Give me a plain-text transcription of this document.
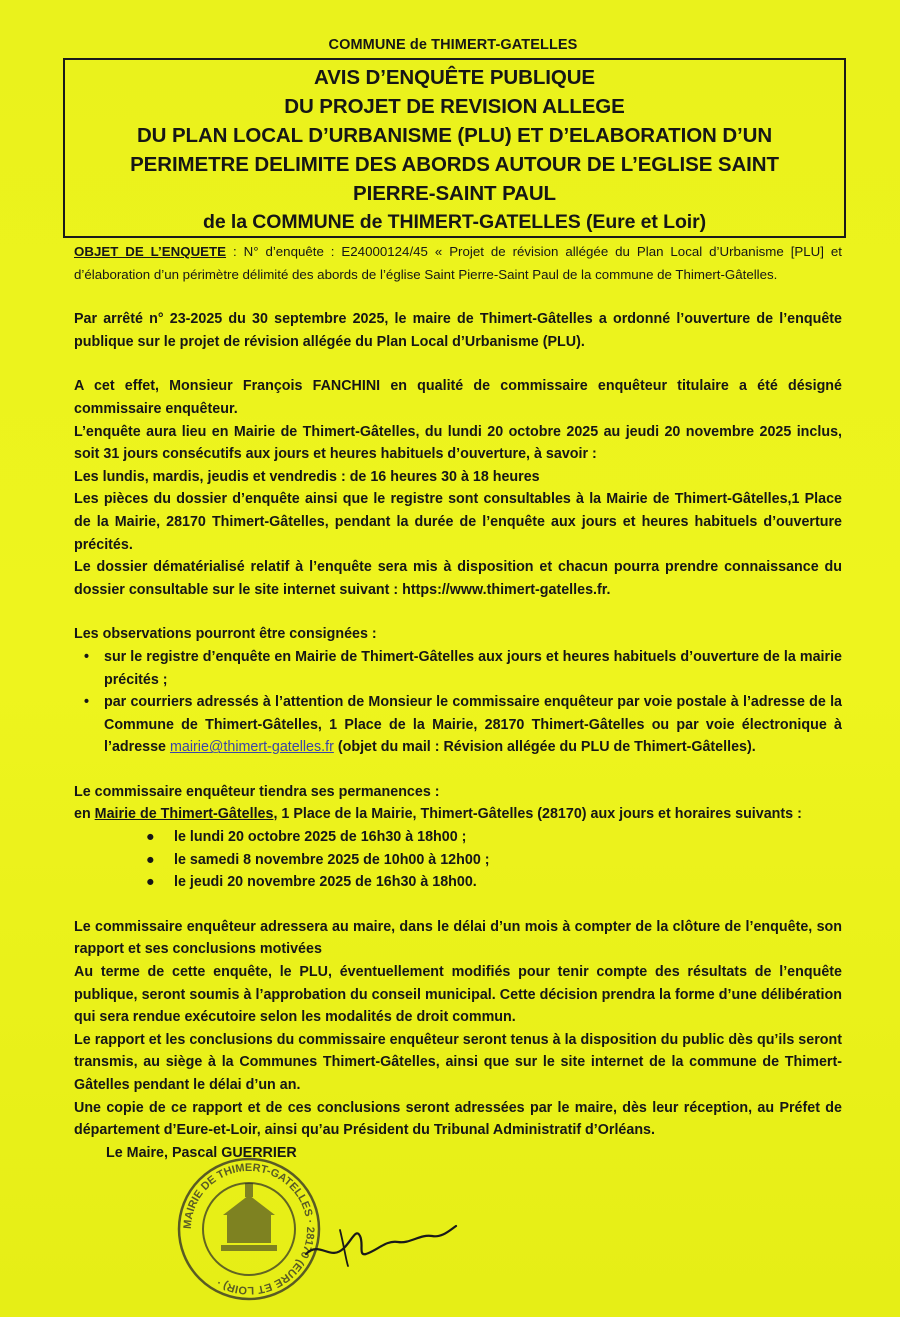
COMMUNE de THIMERT-GATELLES

AVIS D’ENQUÊTE PUBLIQUE

DU PROJET DE REVISION ALLEGE

DU PLAN LOCAL D’URBANISME (PLU) ET D’ELABORATION D’UN

PERIMETRE DELIMITE DES ABORDS AUTOUR DE L’EGLISE SAINT

PIERRE-SAINT PAUL

de la COMMUNE de THIMERT-GATELLES (Eure et Loir)

OBJET DE L’ENQUETE : N° d’enquête : E24000124/45 « Projet de révision allégée du Plan Local d’Urbanisme [PLU] et d’élaboration d’un périmètre délimité des abords de l’église Saint Pierre-Saint Paul de la commune de Thimert-Gâtelles.

Par arrêté n° 23-2025 du 30 septembre 2025, le maire de Thimert-Gâtelles a ordonné l’ouverture de l’enquête publique sur le projet de révision allégée du Plan Local d’Urbanisme (PLU).

A cet effet, Monsieur François FANCHINI en qualité de commissaire enquêteur titulaire a été désigné commissaire enquêteur.

L’enquête aura lieu en Mairie de Thimert-Gâtelles, du lundi 20 octobre 2025 au jeudi 20 novembre 2025 inclus, soit 31 jours consécutifs aux jours et heures habituels d’ouverture, à savoir :

Les lundis, mardis, jeudis et vendredis : de 16 heures 30 à 18 heures

Les pièces du dossier d’enquête ainsi que le registre sont consultables à la Mairie de Thimert-Gâtelles,1 Place de la Mairie, 28170 Thimert-Gâtelles, pendant la durée de l’enquête aux jours et heures habituels d’ouverture précités.

Le dossier dématérialisé relatif à l’enquête sera mis à disposition et chacun pourra prendre connaissance du dossier consultable sur le site internet suivant : https://www.thimert-gatelles.fr.

Les observations pourront être consignées :

•	sur le registre d’enquête en Mairie de Thimert-Gâtelles aux jours et heures habituels d’ouverture de la mairie précités ;
•	par courriers adressés à l’attention de Monsieur le commissaire enquêteur par voie postale à l’adresse de la Commune de Thimert-Gâtelles, 1 Place de la Mairie, 28170 Thimert-Gâtelles ou par voie électronique à l’adresse mairie@thimert-gatelles.fr (objet du mail : Révision allégée du PLU de Thimert-Gâtelles).

Le commissaire enquêteur tiendra ses permanences :

en Mairie de Thimert-Gâtelles, 1 Place de la Mairie, Thimert-Gâtelles (28170) aux jours et horaires suivants :

●	le lundi 20 octobre 2025 de 16h30 à 18h00 ;
●	le samedi 8 novembre 2025 de 10h00 à 12h00 ;
●	le jeudi 20 novembre 2025 de 16h30 à 18h00.

Le commissaire enquêteur adressera au maire, dans le délai d’un mois à compter de la clôture de l’enquête, son rapport et ses conclusions motivées

Au terme de cette enquête, le PLU, éventuellement modifiés pour tenir compte des résultats de l’enquête publique, seront soumis à l’approbation du conseil municipal. Cette décision prendra la forme d’une délibération qui sera rendue exécutoire selon les modalités de droit commun.

Le rapport et les conclusions du commissaire enquêteur seront tenus à la disposition du public dès qu’ils seront transmis, au siège à la Communes Thimert-Gâtelles, ainsi que sur le site internet de la commune de Thimert-Gâtelles pendant le délai d’un an.

Une copie de ce rapport et de ces conclusions seront adressées par le maire, dès leur réception, au Préfet de département d’Eure-et-Loir, ainsi qu’au Président du Tribunal Administratif d’Orléans.

Le Maire, Pascal GUERRIER
MAIRIE DE THIMERT-GATELLES · 28170 (EURE ET LOIR) ·
